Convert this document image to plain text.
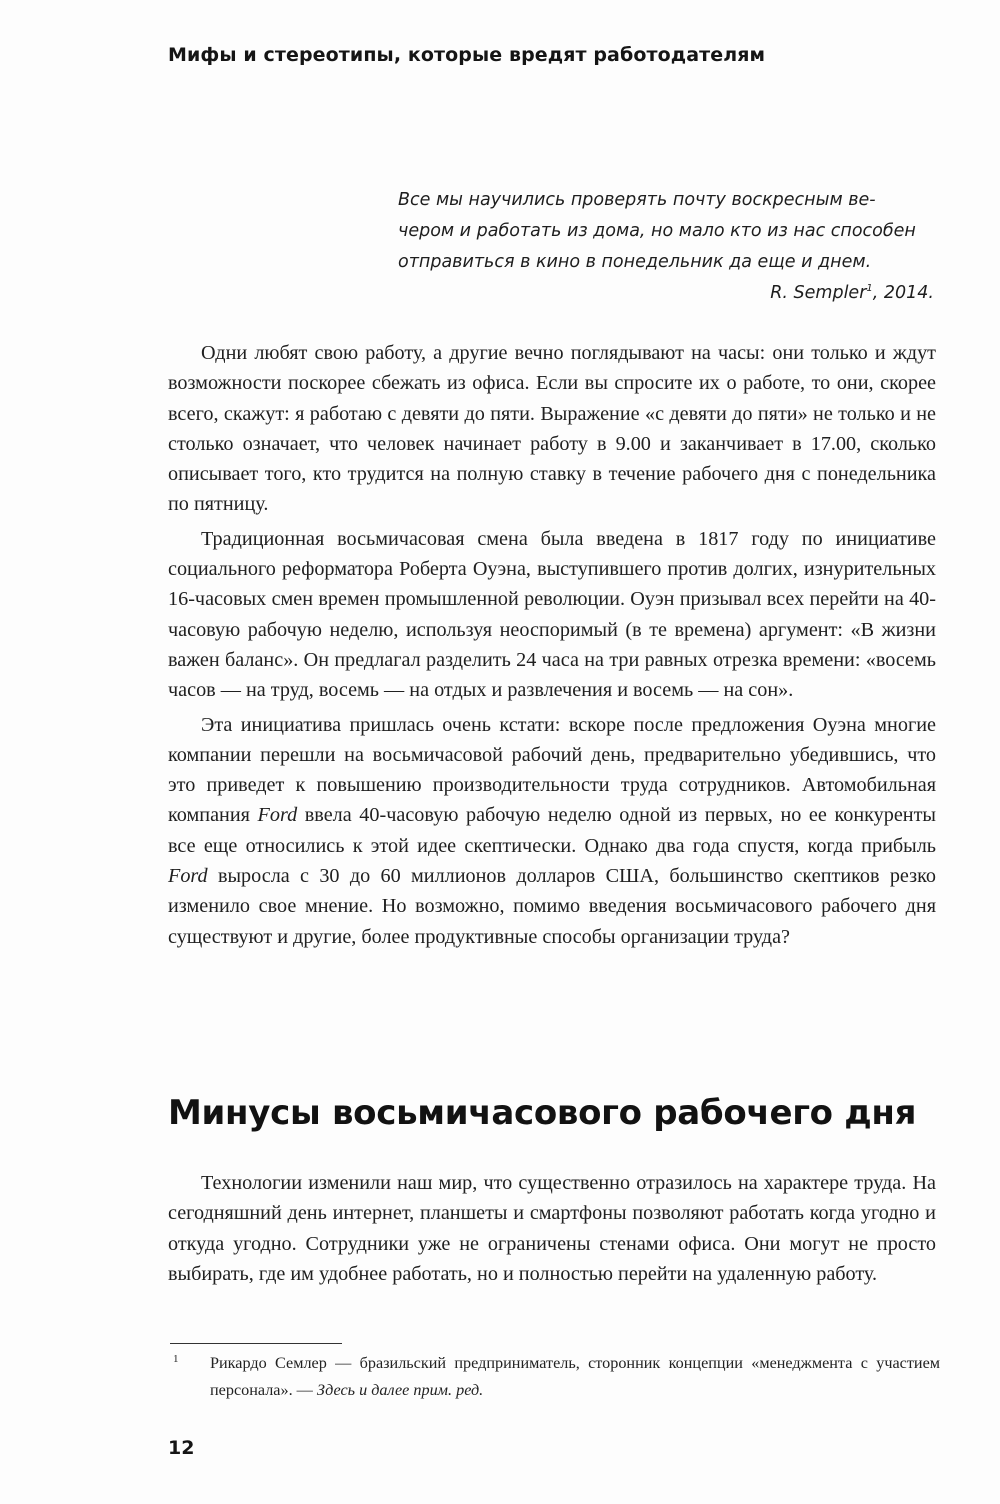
Мифы и стереотипы, которые вредят работодателям
Все мы научились проверять почту воскресным ве-
чером и работать из дома, но мало кто из нас способен
отправиться в кино в понедельник да еще и днем.
R. Sempler$^1$, 2014.

Одни любят свою работу, а другие вечно поглядывают на часы: они только и ждут возможности поскорее сбежать из офиса. Если вы спросите их о работе, то они, скорее всего, скажут: я работаю с девяти до пяти. Выражение «с девяти до пяти» не только и не столько означает, что человек начинает работу в 9.00 и заканчивает в 17.00, сколько описывает того, кто трудится на полную ставку в течение рабочего дня с понедельника по пятницу.

Традиционная восьмичасовая смена была введена в 1817 году по инициативе социального реформатора Роберта Оуэна, выступившего против долгих, изнурительных 16-часовых смен времен промышленной революции. Оуэн призывал всех перейти на 40-часовую рабочую неделю, используя неоспоримый (в те времена) аргумент: «В жизни важен баланс». Он предлагал разделить 24 часа на три равных отрезка времени: «восемь часов — на труд, восемь — на отдых и развлечения и восемь — на сон».

Эта инициатива пришлась очень кстати: вскоре после предложения Оуэна многие компании перешли на восьмичасовой рабочий день, предварительно убедившись, что это приведет к повышению производительности труда сотрудников. Автомобильная компания Ford ввела 40-часовую рабочую неделю одной из первых, но ее конкуренты все еще относились к этой идее скептически. Однако два года спустя, когда прибыль Ford выросла с 30 до 60 миллионов долларов США, большинство скептиков резко изменило свое мнение. Но возможно, помимо введения восьмичасового рабочего дня существуют и другие, более продуктивные способы организации труда?

Минусы восьмичасового рабочего дня

Технологии изменили наш мир, что существенно отразилось на характере труда. На сегодняшний день интернет, планшеты и смартфоны позволяют работать когда угодно и откуда угодно. Сотрудники уже не ограничены стенами офиса. Они могут не просто выбирать, где им удобнее работать, но и полностью перейти на удаленную работу.

1 Рикардо Семлер — бразильский предприниматель, сторонник концепции «менеджмента с участием персонала». — Здесь и далее прим. ред.
12
